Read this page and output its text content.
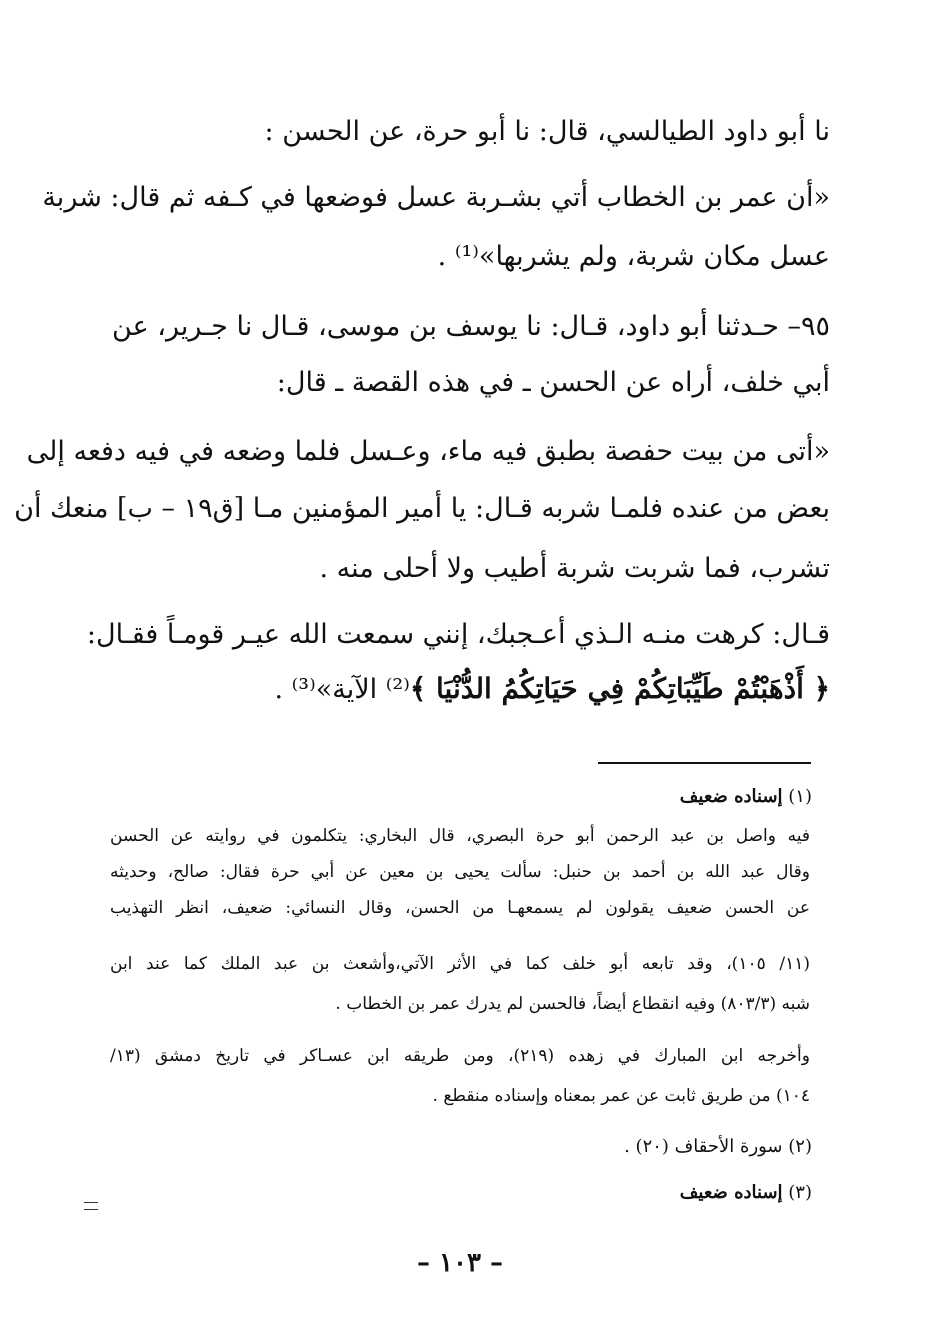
نا أبو داود الطيالسي، قال: نا أبو حرة، عن الحسن :
«أن عمر بن الخطاب أتي بشـربة عسل فوضعها في كـفه ثم قال: شربة
عسل مكان شربة، ولم يشربها»⁽¹⁾ .
٩٥– حـدثنا أبو داود، قـال: نا يوسف بن موسى، قـال نا جـرير، عن
أبي خلف، أراه عن الحسن ـ في هذه القصة ـ قال:
«أتى من بيت حفصة بطبق فيه ماء، وعـسل فلما وضعه في فيه دفعه إلى
بعض من عنده فلمـا شربه قـال: يا أمير المؤمنين مـا [ق١٩ – ب] منعك أن
تشرب، فما شربت شربة أطيب ولا أحلى منه .
قـال: كرهت منـه الـذي أعـجبك، إنني سمعت الله عيـر قومـاً فقـال:
﴿ أَذْهَبْتُمْ طَيِّبَاتِكُمْ فِي حَيَاتِكُمُ الدُّنْيَا ﴾⁽²⁾ الآية»⁽³⁾ .
(١) إسناده ضعيف
فيه واصل بن عبد الرحمن أبو حرة البصري، قال البخاري: يتكلمون في روايته عن الحسن
وقال عبد الله بن أحمد بن حنبل: سألت يحيى بن معين عن أبي حرة فقال: صالح، وحديثه
عن الحسن ضعيف يقولون لم يسمعهـا من الحسن، وقال النسائي: ضعيف، انظر التهذيب
(١١/ ١٠٥)، وقد تابعه أبو خلف كما في الأثر الآتي،وأشعث بن عبد الملك كما عند ابن
شبه (٨٠٣/٣) وفيه انقطاع أيضاً، فالحسن لم يدرك عمر بن الخطاب .
وأخرجه ابن المبارك في زهده (٢١٩)، ومن طريقه ابن عسـاكر في تاريخ دمشق (١٣/
١٠٤) من طريق ثابت عن عمر بمعناه وإسناده منقطع .
(٢) سورة الأحقاف (٢٠) .
(٣) إسناده ضعيف
– ١٠٣ –
